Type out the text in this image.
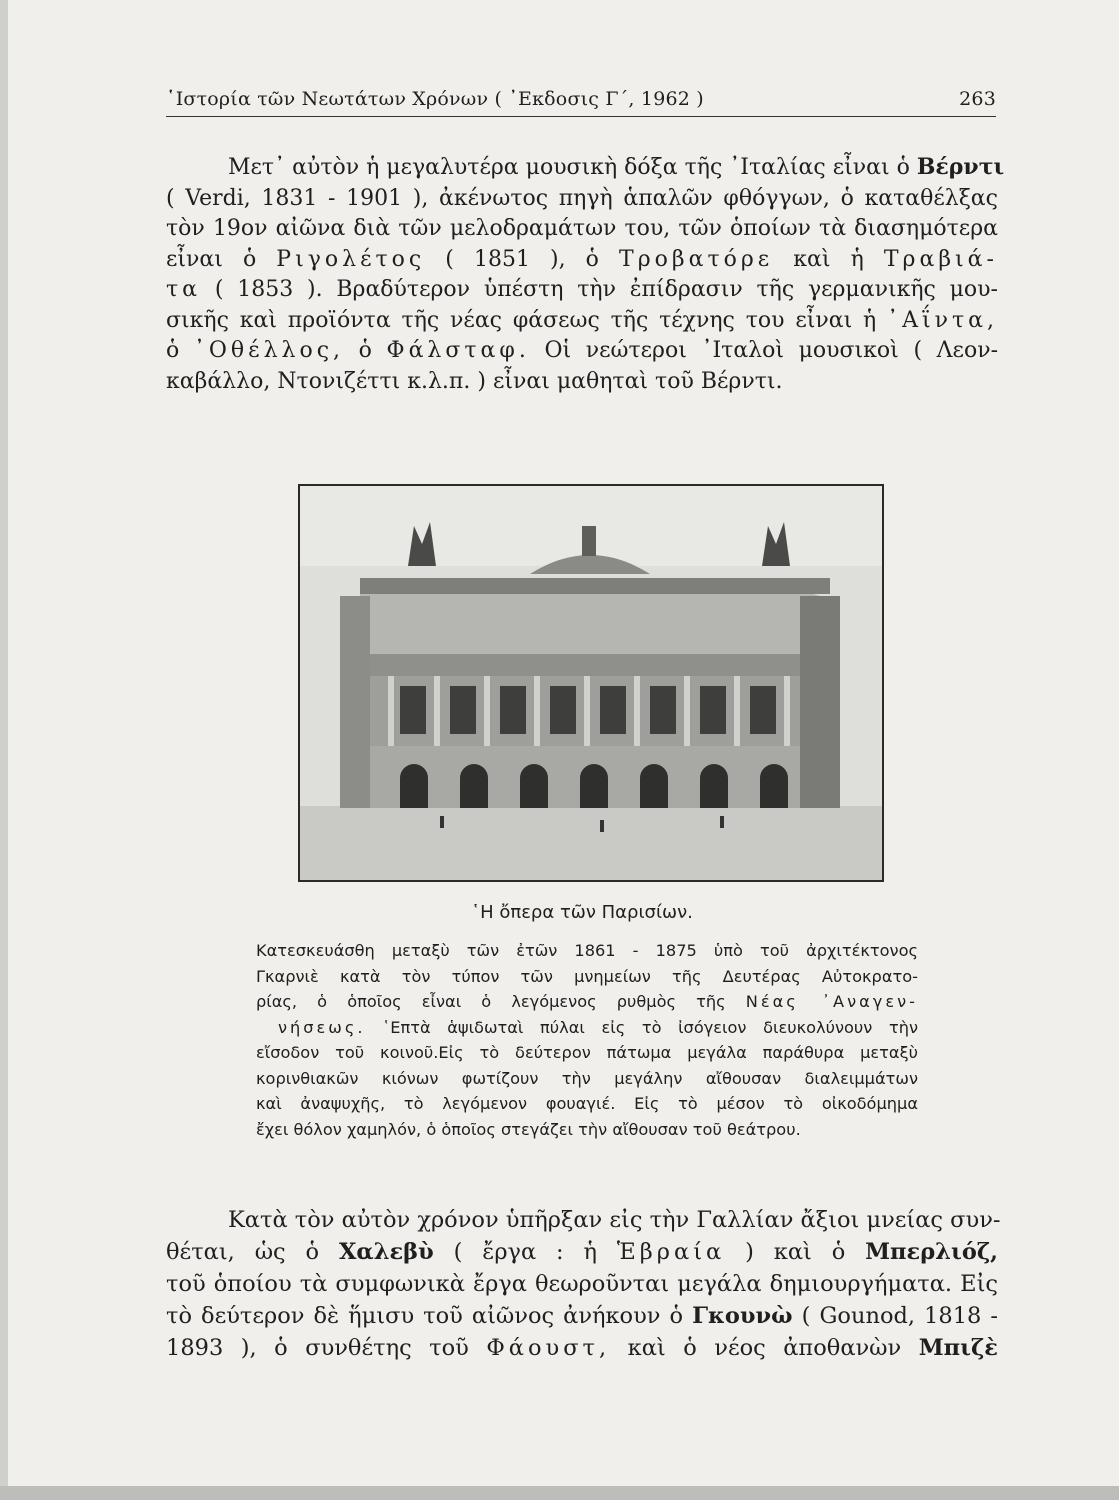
῾Ιστορία τῶν Νεωτάτων Χρόνων ( ᾿Εκδοσις Γ΄, 1962 )	263
Μετ᾿ αὐτὸν ἡ μεγαλυτέρα μουσικὴ δόξα τῆς ᾿Ιταλίας εἶναι ὁ Βέρντι
( Verdi, 1831 - 1901 ), ἀκένωτος πηγὴ ἁπαλῶν φθόγγων, ὁ καταθέλξας
τὸν 19ον αἰῶνα διὰ τῶν μελοδραμάτων του, τῶν ὁποίων τὰ διασημότερα
εἶναι ὁ Ριγολέτος ( 1851 ), ὁ Τροβατόρε καὶ ἡ Τραβιά-
τα ( 1853 ). Βραδύτερον ὑπέστη τὴν ἐπίδρασιν τῆς γερμανικῆς μου-
σικῆς καὶ προϊόντα τῆς νέας φάσεως τῆς τέχνης του εἶναι ἡ ᾿Αΐντα,
ὁ ᾿Οθέλλος, ὁ Φάλσταφ. Οἱ νεώτεροι ᾿Ιταλοὶ μουσικοὶ ( Λεον-
καβάλλο, Ντονιζέττι κ.λ.π. ) εἶναι μαθηταὶ τοῦ Βέρντι.
῾Η ὄπερα τῶν Παρισίων.
Κατεσκευάσθη μεταξὺ τῶν ἐτῶν 1861 - 1875 ὑπὸ τοῦ ἀρχιτέκτονος
Γκαρνιὲ κατὰ τὸν τύπον τῶν μνημείων τῆς Δευτέρας Αὐτοκρατο-
ρίας, ὁ ὁποῖος εἶναι ὁ λεγόμενος ρυθμὸς τῆς Νέας ᾿Αναγεν-
νήσεως. ῾Επτὰ ἁψιδωταὶ πύλαι εἰς τὸ ἰσόγειον διευκολύνουν τὴν
εἴσοδον τοῦ κοινοῦ.Εἰς τὸ δεύτερον πάτωμα μεγάλα παράθυρα μεταξὺ
κορινθιακῶν κιόνων φωτίζουν τὴν μεγάλην αἴθουσαν διαλειμμάτων
καὶ ἀναψυχῆς, τὸ λεγόμενον φουαγιέ. Εἰς τὸ μέσον τὸ οἰκοδόμημα
ἔχει θόλον χαμηλόν, ὁ ὁποῖος στεγάζει τὴν αἴθουσαν τοῦ θεάτρου.
Κατὰ τὸν αὐτὸν χρόνον ὑπῆρξαν εἰς τὴν Γαλλίαν ἄξιοι μνείας συν-
θέται, ὡς ὁ Χαλεβὺ ( ἔργα : ἡ Ἑβραία ) καὶ ὁ Μπερλιόζ,
τοῦ ὁποίου τὰ συμφωνικὰ ἔργα θεωροῦνται μεγάλα δημιουργήματα. Εἰς
τὸ δεύτερον δὲ ἥμισυ τοῦ αἰῶνος ἀνήκουν ὁ Γκουνὼ ( Gounod, 1818 -
1893 ), ὁ συνθέτης τοῦ Φάουστ, καὶ ὁ νέος ἀποθανὼν Μπιζὲ
